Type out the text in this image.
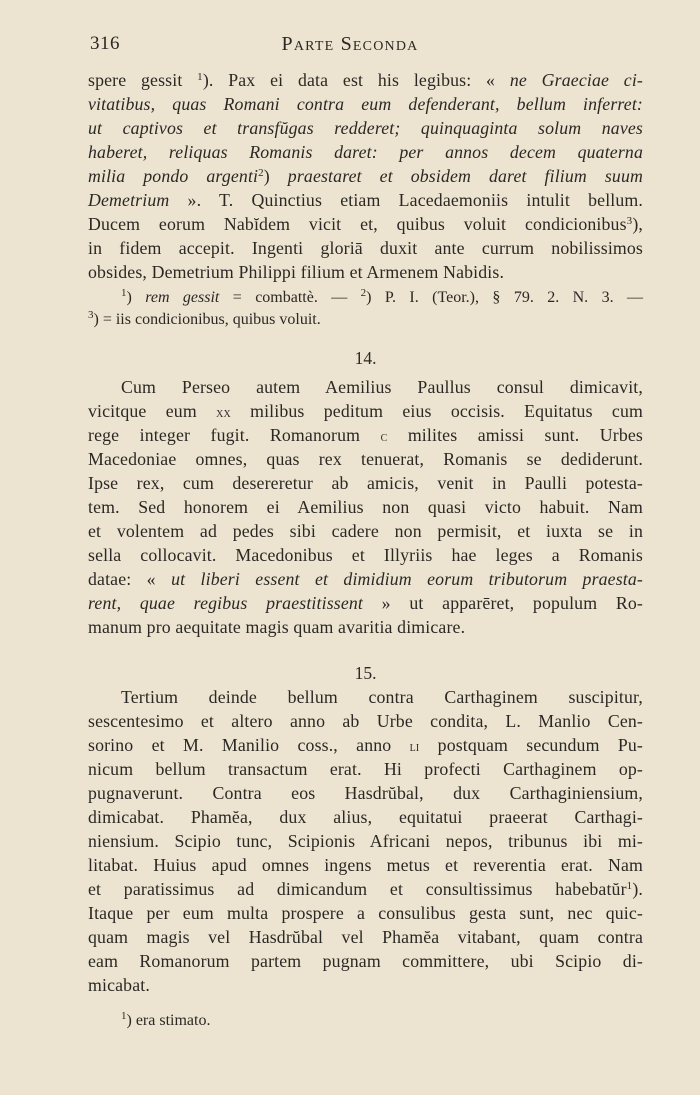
316	Parte Seconda
spere gessit $^1$). Pax ei data est his legibus: « ne Graeciae ci-
vitatibus, quas Romani contra eum defenderant, bellum inferret:
ut captivos et transfŭgas redderet; quinquaginta solum naves
haberet, reliquas Romanis daret: per annos decem quaterna
milia pondo argenti$^2$) praestaret et obsidem daret filium suum
Demetrium ». T. Quinctius etiam Lacedaemoniis intulit bellum.
Ducem eorum Nabĭdem vicit et, quibus voluit condicionibus$^3$),
in fidem accepit. Ingenti gloriā duxit ante currum nobilissimos
obsides, Demetrium Philippi filium et Armenem Nabidis.
$^1$) rem gessit = combattè. — $^2$) P. I. (Teor.), § 79. 2. N. 3. —
$^3$) = iis condicionibus, quibus voluit.
14.
Cum Perseo autem Aemilius Paullus consul dimicavit,
vicitque eum xx milibus peditum eius occisis. Equitatus cum
rege integer fugit. Romanorum c milites amissi sunt. Urbes
Macedoniae omnes, quas rex tenuerat, Romanis se dediderunt.
Ipse rex, cum desereretur ab amicis, venit in Paulli potesta-
tem. Sed honorem ei Aemilius non quasi victo habuit. Nam
et volentem ad pedes sibi cadere non permisit, et iuxta se in
sella collocavit. Macedonibus et Illyriis hae leges a Romanis
datae: « ut liberi essent et dimidium eorum tributorum praesta-
rent, quae regibus praestitissent » ut apparēret, populum Ro-
manum pro aequitate magis quam avaritia dimicare.
15.
Tertium deinde bellum contra Carthaginem suscipitur,
sescentesimo et altero anno ab Urbe condita, L. Manlio Cen-
sorino et M. Manilio coss., anno li postquam secundum Pu-
nicum bellum transactum erat. Hi profecti Carthaginem op-
pugnaverunt. Contra eos Hasdrŭbal, dux Carthaginiensium,
dimicabat. Phamĕa, dux alius, equitatui praeerat Carthagi-
niensium. Scipio tunc, Scipionis Africani nepos, tribunus ibi mi-
litabat. Huius apud omnes ingens metus et reverentia erat. Nam
et paratissimus ad dimicandum et consultissimus habebatŭr$^1$).
Itaque per eum multa prospere a consulibus gesta sunt, nec quic-
quam magis vel Hasdrŭbal vel Phamĕa vitabant, quam contra
eam Romanorum partem pugnam committere, ubi Scipio di-
micabat.
$^1$) era stimato.
